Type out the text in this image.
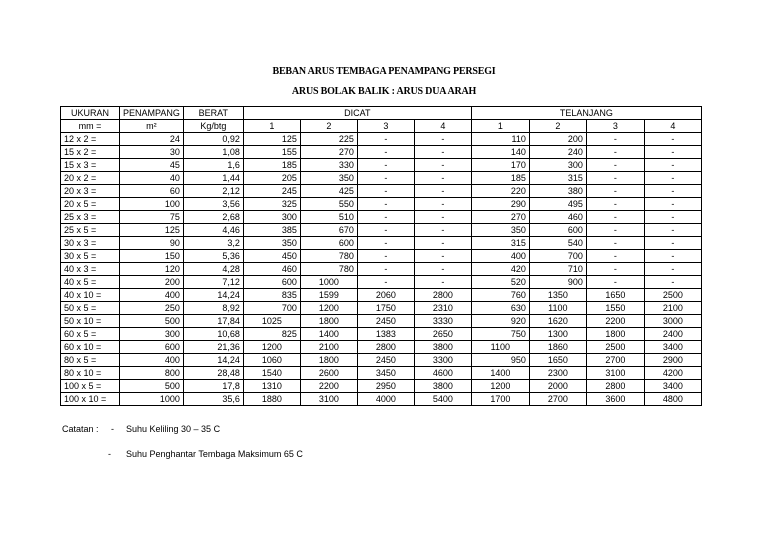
BEBAN ARUS TEMBAGA PENAMPANG PERSEGI
ARUS BOLAK BALIK : ARUS DUA ARAH
UKURAN	PENAMPANG	BERAT	DICAT				TELANJANG			
mm =	m²	Kg/btg	1	2	3	4	1	2	3	4
12 x 2 =	24	0,92	125	225	-	-	110	200	-	-
15 x 2 =	30	1,08	155	270	-	-	140	240	-	-
15 x 3 =	45	1,6	185	330	-	-	170	300	-	-
20 x 2 =	40	1,44	205	350	-	-	185	315	-	-
20 x 3 =	60	2,12	245	425	-	-	220	380	-	-
20 x 5 =	100	3,56	325	550	-	-	290	495	-	-
25 x 3 =	75	2,68	300	510	-	-	270	460	-	-
25 x 5 =	125	4,46	385	670	-	-	350	600	-	-
30 x 3 =	90	3,2	350	600	-	-	315	540	-	-
30 x 5 =	150	5,36	450	780	-	-	400	700	-	-
40 x 3 =	120	4,28	460	780	-	-	420	710	-	-
40 x 5 =	200	7,12	600	1000	-	-	520	900	-	-
40 x 10 =	400	14,24	835	1599	2060	2800	760	1350	1650	2500
50 x 5 =	250	8,92	700	1200	1750	2310	630	1100	1550	2100
50 x 10 =	500	17,84	1025	1800	2450	3330	920	1620	2200	3000
60 x 5 =	300	10,68	825	1400	1383	2650	750	1300	1800	2400
60 x 10 =	600	21,36	1200	2100	2800	3800	1100	1860	2500	3400
80 x 5 =	400	14,24	1060	1800	2450	3300	950	1650	2700	2900
80 x 10 =	800	28,48	1540	2600	3450	4600	1400	2300	3100	4200
100 x 5 =	500	17,8	1310	2200	2950	3800	1200	2000	2800	3400
100 x 10 =	1000	35,6	1880	3100	4000	5400	1700	2700	3600	4800
Catatan : - Suhu Keliling 30 – 35 C
- Suhu Penghantar Tembaga Maksimum 65 C
